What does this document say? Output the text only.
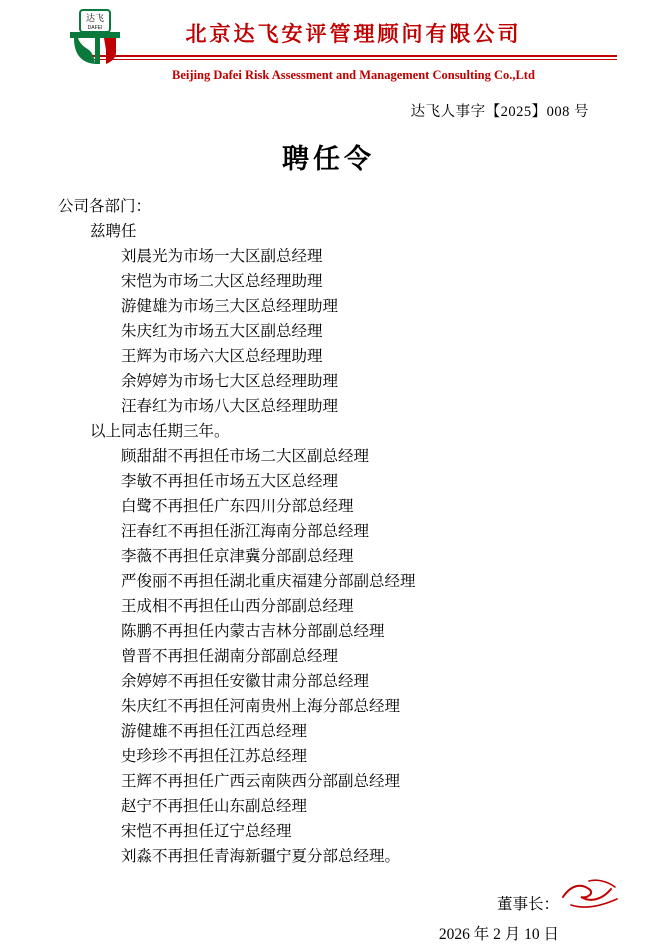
达飞
DAFEI	北京达飞安评管理顾问有限公司
Beijing Dafei Risk Assessment and Management Consulting Co.,Ltd
达飞人事字【2025】008 号
聘任令
公司各部门：
兹聘任
刘晨光为市场一大区副总经理
宋恺为市场二大区总经理助理
游健雄为市场三大区总经理助理
朱庆红为市场五大区副总经理
王辉为市场六大区总经理助理
余婷婷为市场七大区总经理助理
汪春红为市场八大区总经理助理
以上同志任期三年。
顾甜甜不再担任市场二大区副总经理
李敏不再担任市场五大区总经理
白鹭不再担任广东四川分部总经理
汪春红不再担任浙江海南分部总经理
李薇不再担任京津冀分部副总经理
严俊丽不再担任湖北重庆福建分部副总经理
王成相不再担任山西分部副总经理
陈鹏不再担任内蒙古吉林分部副总经理
曾晋不再担任湖南分部副总经理
余婷婷不再担任安徽甘肃分部总经理
朱庆红不再担任河南贵州上海分部总经理
游健雄不再担任江西总经理
史珍珍不再担任江苏总经理
王辉不再担任广西云南陕西分部副总经理
赵宁不再担任山东副总经理
宋恺不再担任辽宁总经理
刘淼不再担任青海新疆宁夏分部总经理。
董事长：
2026 年 2 月 10 日
